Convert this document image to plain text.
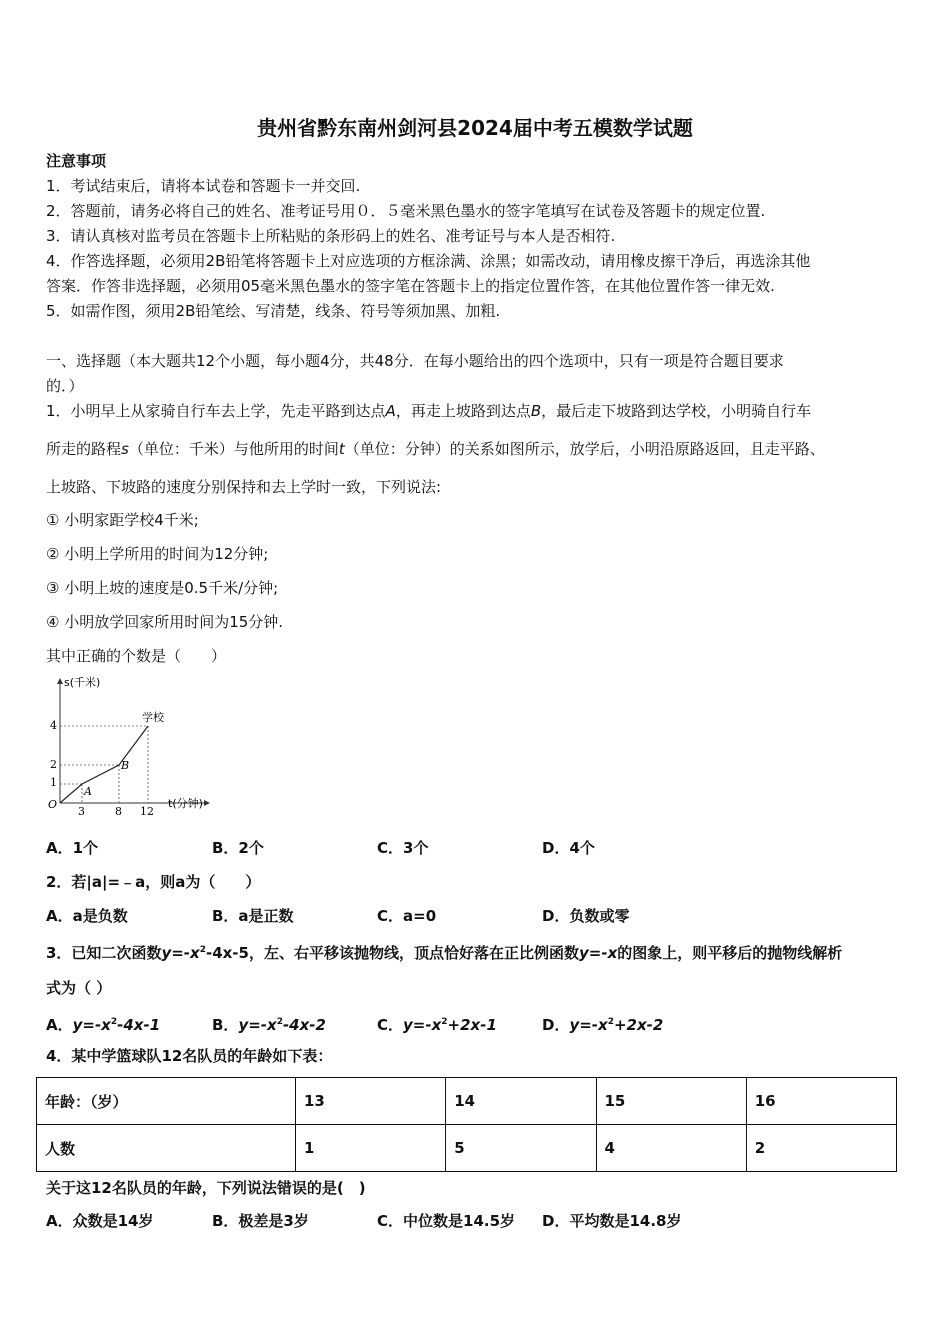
贵州省黔东南州剑河县2024届中考五模数学试题
注意事项
1．考试结束后，请将本试卷和答题卡一并交回.
2．答题前，请务必将自己的姓名、准考证号用０．５毫米黑色墨水的签字笔填写在试卷及答题卡的规定位置.
3．请认真核对监考员在答题卡上所粘贴的条形码上的姓名、准考证号与本人是否相符.
4．作答选择题，必须用2B铅笔将答题卡上对应选项的方框涂满、涂黑；如需改动，请用橡皮擦干净后，再选涂其他
答案．作答非选择题，必须用05毫米黑色墨水的签字笔在答题卡上的指定位置作答，在其他位置作答一律无效.
5．如需作图，须用2B铅笔绘、写清楚，线条、符号等须加黑、加粗.
一、选择题（本大题共12个小题，每小题4分，共48分．在每小题给出的四个选项中，只有一项是符合题目要求
的．）
1．小明早上从家骑自行车去上学，先走平路到达点A，再走上坡路到达点B，最后走下坡路到达学校，小明骑自行车
所走的路程s（单位：千米）与他所用的时间t（单位：分钟）的关系如图所示，放学后，小明沿原路返回，且走平路、
上坡路、下坡路的速度分别保持和去上学时一致，下列说法:
① 小明家距学校4千米;
② 小明上学所用的时间为12分钟;
③ 小明上坡的速度是0.5千米/分钟;
④ 小明放学回家所用时间为15分钟.
其中正确的个数是（　　）
s(千米)
t(分钟)
O
4
2
1
3	8 12
A
B
学校
A．1个	B．2个	C．3个	D．4个
2．若|a|=﹣a，则a为（　　）
A．a是负数	B．a是正数	C．a=0	D．负数或零
3．已知二次函数$y=-x^2-4x-5$，左、右平移该抛物线，顶点恰好落在正比例函数y=-x的图象上，则平移后的抛物线解析
式为（ ）
A．$y=-x^2-4x-1$	B．$y=-x^2-4x-2$	C．$y=-x^2+2x-1$	D．$y=-x^2+2x-2$
4．某中学篮球队12名队员的年龄如下表：
年龄：（岁）	13	14	15	16
人数	1	5	4	2
关于这12名队员的年龄，下列说法错误的是(　)
A．众数是14岁	B．极差是3岁	C．中位数是14.5岁 D．平均数是14.8岁
